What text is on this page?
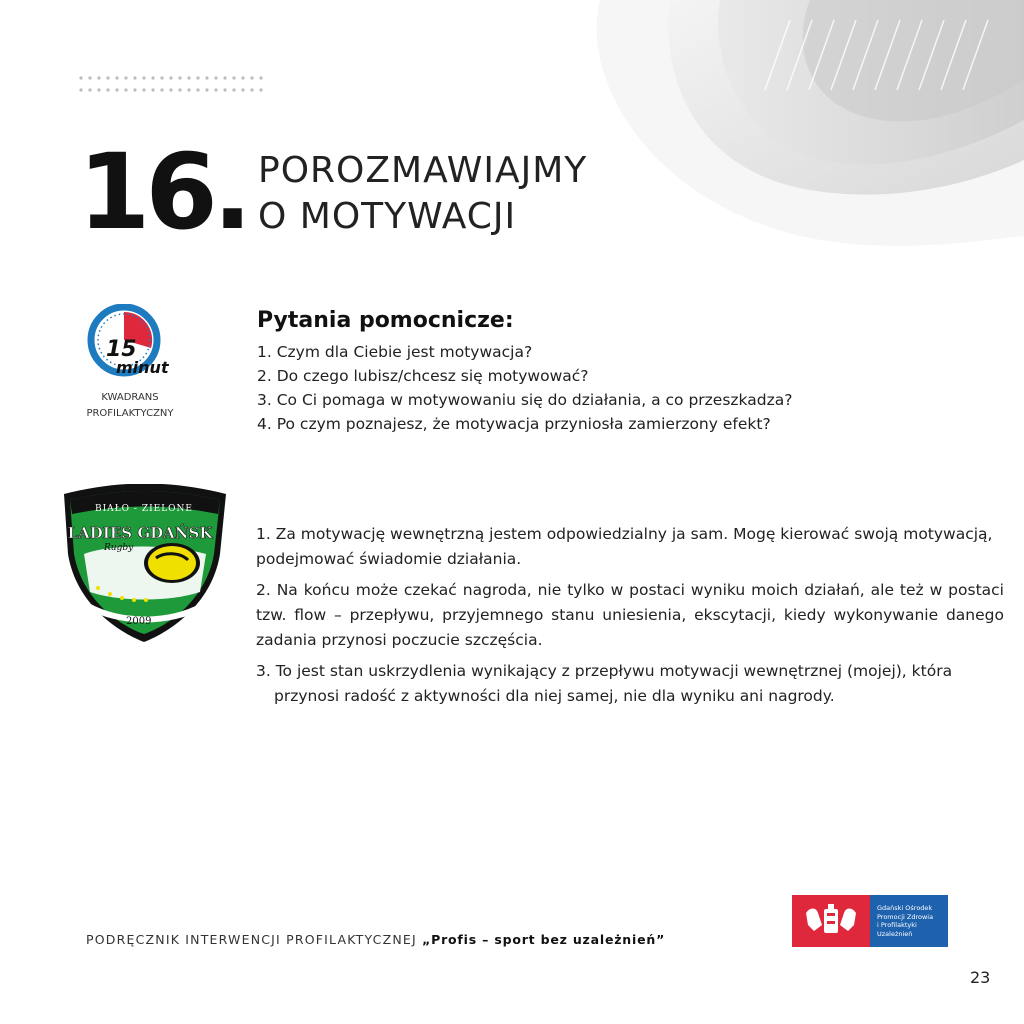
16. POROZMAWIAJMY
O MOTYWACJI
15
minut
KWADRANS
PROFILAKTYCZNY
Pytania pomocnicze:
1. Czym dla Ciebie jest motywacja?
2. Do czego lubisz/chcesz się motywować?
3. Co Ci pomaga w motywowaniu się do działania, a co przeszkadza?
4. Po czym poznajesz, że motywacja przyniosła zamierzony efekt?
BIAŁO - ZIELONE
LADIES GDAŃSK
Rugby
2009

1. Za motywację wewnętrzną jestem odpowiedzialny ja sam. Mogę kierować swoją motywacją, podejmować świadomie działania.

2. Na końcu może czekać nagroda, nie tylko w postaci wyniku moich działań, ale też w postaci tzw. flow – przepływu, przyjemnego stanu uniesienia, ekscytacji, kiedy wykonywanie danego zadania przynosi poczucie szczęścia.

3. To jest stan uskrzydlenia wynikający z przepływu motywacji wewnętrznej (mojej), która przynosi radość z aktywności dla niej samej, nie dla wyniku ani nagrody.

PODRĘCZNIK INTERWENCJI PROFILAKTYCZNEJ „Profis – sport bez uzależnień”
Gdański Ośrodek
Promocji Zdrowia
i Profilaktyki
Uzależnień
23
